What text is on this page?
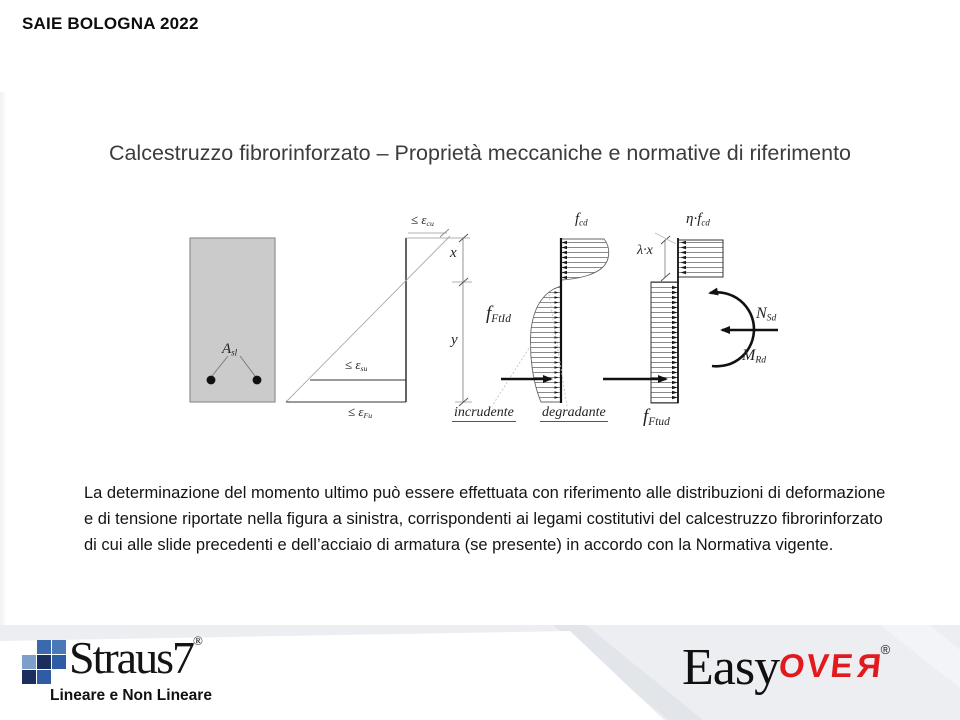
SAIE BOLOGNA 2022
Calcestruzzo fibrorinforzato – Proprietà meccaniche e normative di riferimento
≤ $\varepsilon_{cu}$
x
y
≤ $\varepsilon_{su}$
≤ $\varepsilon_{Fu}$
$A_{sl}$
$f_{cd}$	$\eta\cdot f_{cd}$
λ·x
$f_{FtId}$
$f_{Ftud}$
incrudente degradante
$N_{Sd}$
$M_{Rd}$
La determinazione del momento ultimo può essere effettuata con riferimento alle distribuzioni di deformazione e di tensione riportate nella figura a sinistra, corrispondenti ai legami costitutivi del calcestruzzo fibrorinforzato di cui alle slide precedenti e dell’acciaio di armatura (se presente) in accordo con la Normativa vigente.
Straus7®
Lineare e Non Lineare	EasyOVER®
